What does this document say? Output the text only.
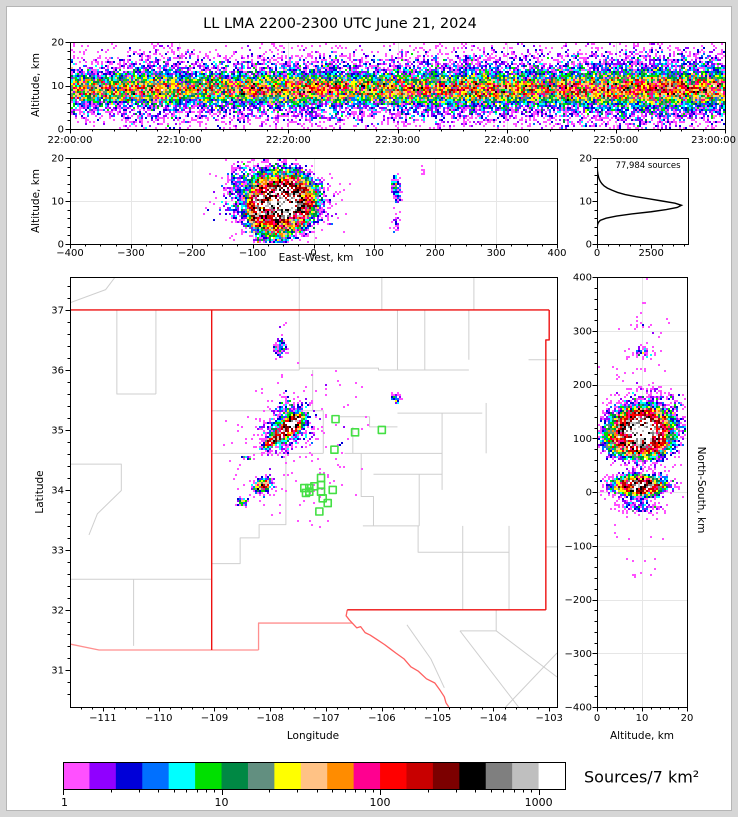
LL LMA 2200-2300 UTC June 21, 2024
Altitude, km
Altitude, km
East-West, km
77,984 sources
Longitude
Latitude
Altitude, km
North-South, km
Sources/7 km²
